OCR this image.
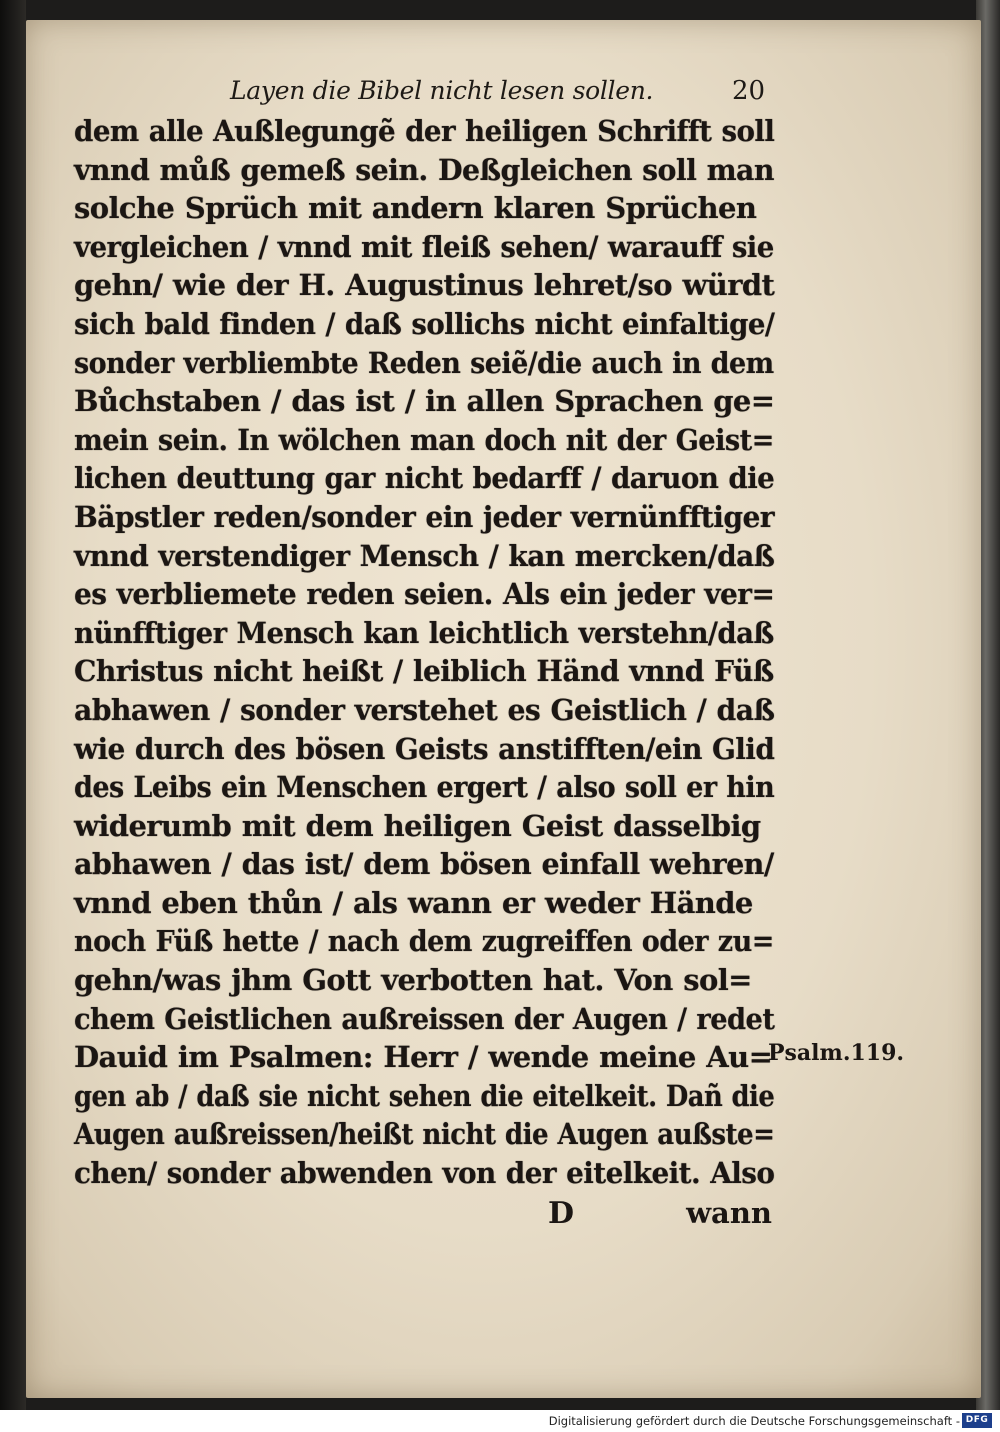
Layen die Bibel nicht lesen sollen.	20
dem alle Außlegungẽ der heiligen Schrifft soll
vnnd můß gemeß sein. Deßgleichen soll man
solche Sprüch mit andern klaren Sprüchen
vergleichen / vnnd mit fleiß sehen/ warauff sie
gehn/ wie der H. Augustinus lehret/so würdt
sich bald finden / daß sollichs nicht einfaltige/
sonder verbliembte Reden seiẽ/die auch in dem
Bůchstaben / das ist / in allen Sprachen ge=
mein sein. In wölchen man doch nit der Geist=
lichen deuttung gar nicht bedarff / daruon die
Bäpstler reden/sonder ein jeder vernünfftiger
vnnd verstendiger Mensch / kan mercken/daß
es verbliemete reden seien. Als ein jeder ver=
nünfftiger Mensch kan leichtlich verstehn/daß
Christus nicht heißt / leiblich Händ vnnd Füß
abhawen / sonder verstehet es Geistlich / daß
wie durch des bösen Geists anstifften/ein Glid
des Leibs ein Menschen ergert / also soll er hin
widerumb mit dem heiligen Geist dasselbig
abhawen / das ist/ dem bösen einfall wehren/
vnnd eben thůn / als wann er weder Hände
noch Füß hette / nach dem zugreiffen oder zu=
gehn/was jhm Gott verbotten hat. Von sol=
chem Geistlichen außreissen der Augen / redet
Dauid im Psalmen: Herr / wende meine Au=
gen ab / daß sie nicht sehen die eitelkeit. Dañ die
Augen außreissen/heißt nicht die Augen außste=
chen/ sonder abwenden von der eitelkeit. Also
Psalm.119.
D	wann
Digitalisierung gefördert durch die Deutsche Forschungsgemeinschaft - DFG
